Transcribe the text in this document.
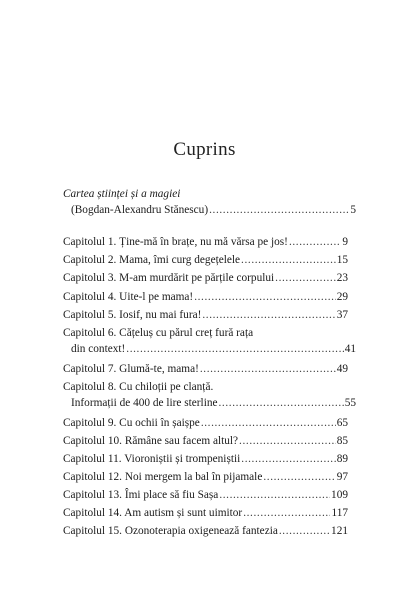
Cuprins
Cartea științei și a magiei
(Bogdan-Alexandru Stănescu) .....	5
Capitolul 1. Ține-mă în brațe, nu mă vărsa pe jos! .....	9
Capitolul 2. Mama, îmi curg degețelele .....	15
Capitolul 3. M-am murdărit pe părțile corpului .....	23
Capitolul 4. Uite-l pe mama! .....	29
Capitolul 5. Iosif, nu mai fura! .....	37
Capitolul 6. Cățeluș cu părul creț fură rața
din context! .....	41
Capitolul 7. Glumă-te, mama! .....	49
Capitolul 8. Cu chiloții pe clanță.
Informații de 400 de lire sterline .....	55
Capitolul 9. Cu ochii în șaișpe .....	65
Capitolul 10. Rămâne sau facem altul? .....	85
Capitolul 11. Vioroniștii și trompeniștii .....	89
Capitolul 12. Noi mergem la bal în pijamale .....	97
Capitolul 13. Îmi place să fiu Sașa .....	109
Capitolul 14. Am autism și sunt uimitor .....	117
Capitolul 15. Ozonoterapia oxigenează fantezia .....	121
